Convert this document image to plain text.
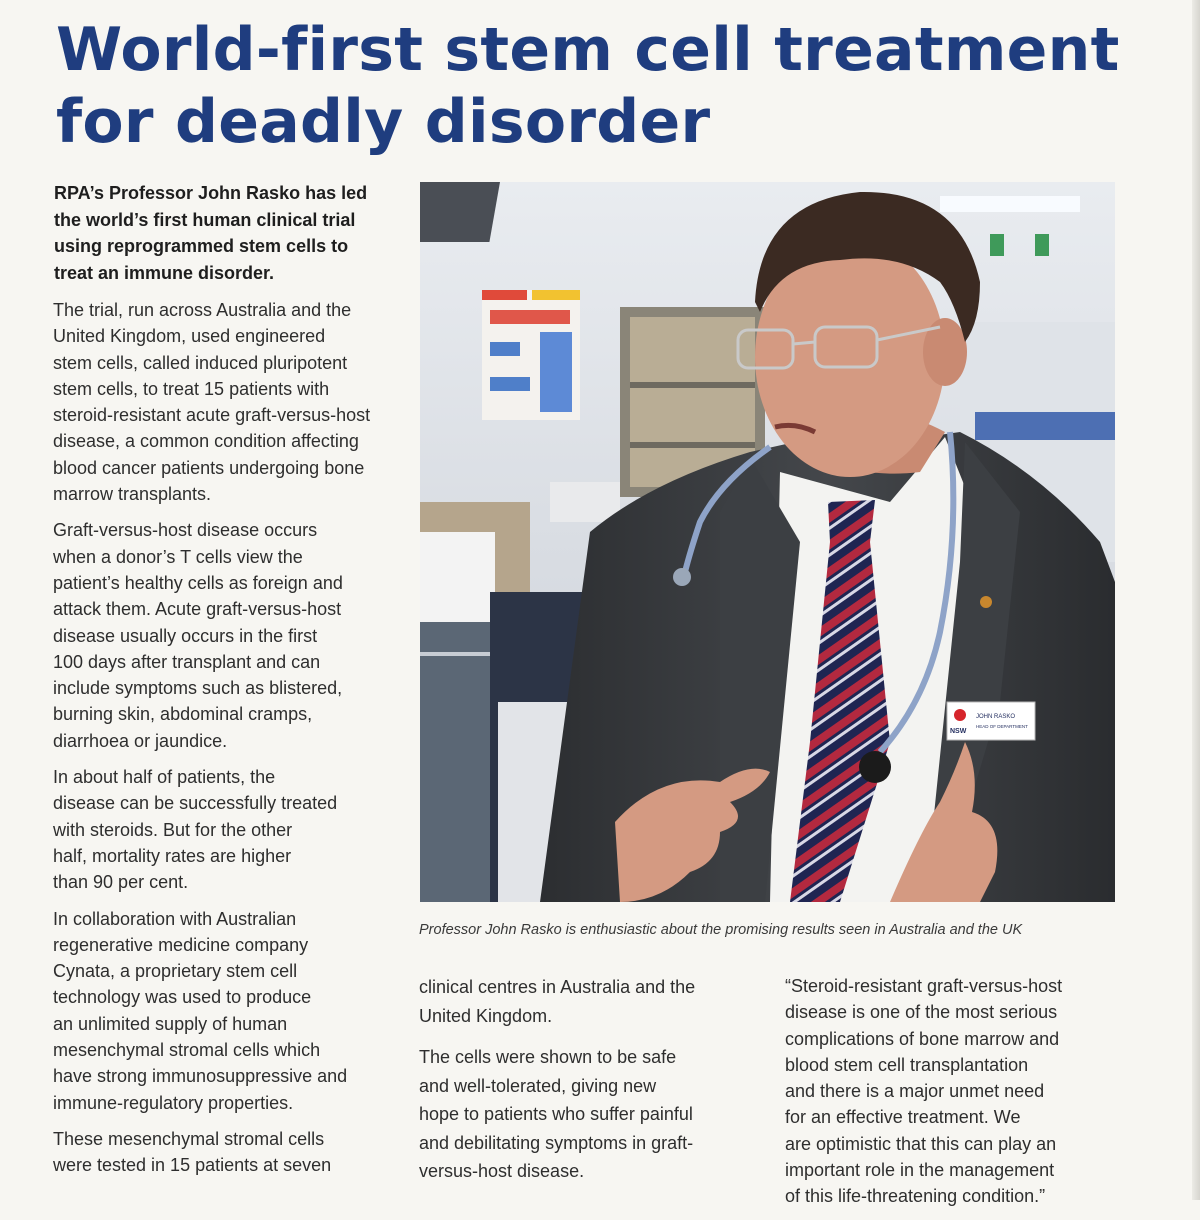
World-first stem cell treatment
for deadly disorder
RPA’s Professor John Rasko has led
the world’s first human clinical trial
using reprogrammed stem cells to
treat an immune disorder.

The trial, run across Australia and the
United Kingdom, used engineered
stem cells, called induced pluripotent
stem cells, to treat 15 patients with
steroid-resistant acute graft-versus-host
disease, a common condition affecting
blood cancer patients undergoing bone
marrow transplants.

Graft-versus-host disease occurs
when a donor’s T cells view the
patient’s healthy cells as foreign and
attack them. Acute graft-versus-host
disease usually occurs in the first
100 days after transplant and can
include symptoms such as blistered,
burning skin, abdominal cramps,
diarrhoea or jaundice.

In about half of patients, the
disease can be successfully treated
with steroids. But for the other
half, mortality rates are higher
than 90 per cent.

In collaboration with Australian
regenerative medicine company
Cynata, a proprietary stem cell
technology was used to produce
an unlimited supply of human
mesenchymal stromal cells which
have strong immunosuppressive and
immune-regulatory properties.

These mesenchymal stromal cells
were tested in 15 patients at seven

NSW
JOHN RASKO
HEAD OF DEPARTMENT
Professor John Rasko is enthusiastic about the promising results seen in Australia and the UK

clinical centres in Australia and the
United Kingdom.

The cells were shown to be safe
and well-tolerated, giving new
hope to patients who suffer painful
and debilitating symptoms in graft-
versus-host disease.

“Steroid-resistant graft-versus-host
disease is one of the most serious
complications of bone marrow and
blood stem cell transplantation
and there is a major unmet need
for an effective treatment. We
are optimistic that this can play an
important role in the management
of this life-threatening condition.”
